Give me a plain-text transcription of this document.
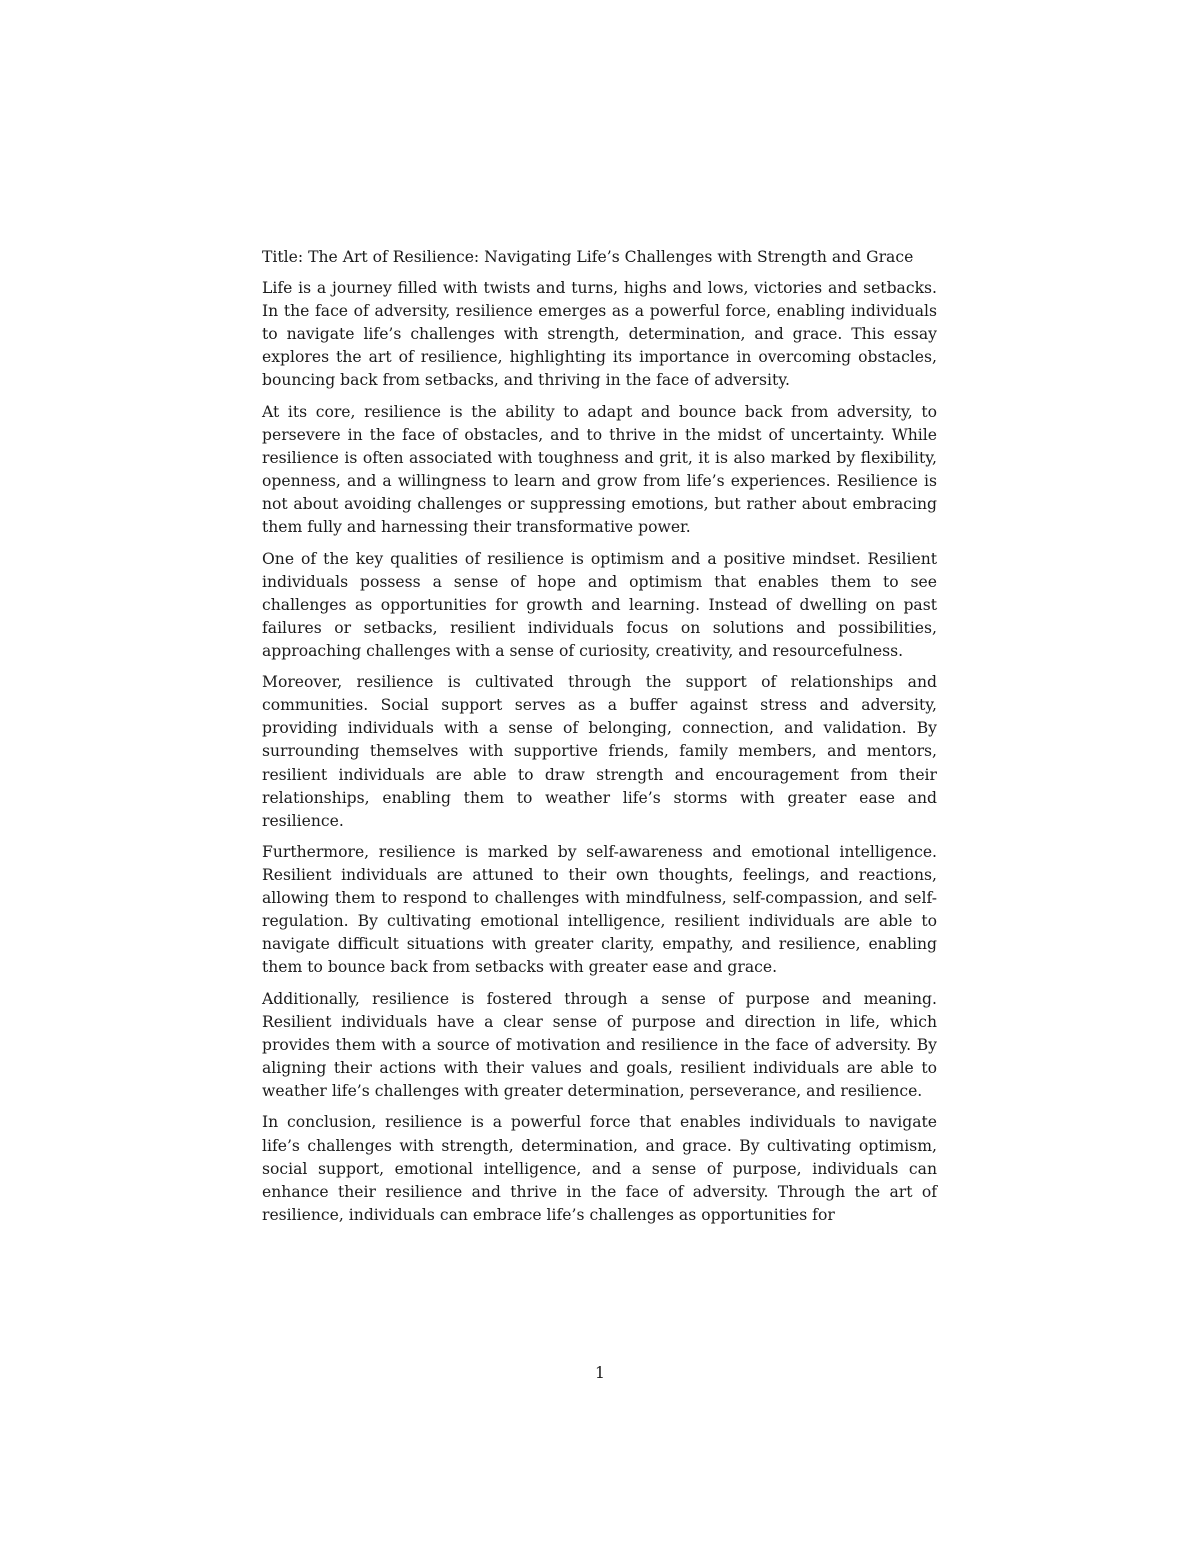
Title: The Art of Resilience: Navigating Life’s Challenges with Strength and Grace

Life is a journey filled with twists and turns, highs and lows, victories and setbacks. In the face of adversity, resilience emerges as a powerful force, enabling individuals to navigate life’s challenges with strength, determination, and grace. This essay explores the art of resilience, highlighting its importance in overcoming obstacles, bouncing back from setbacks, and thriving in the face of adversity.

At its core, resilience is the ability to adapt and bounce back from adversity, to persevere in the face of obstacles, and to thrive in the midst of uncertainty. While resilience is often associated with toughness and grit, it is also marked by flexibility, openness, and a willingness to learn and grow from life’s experiences. Resilience is not about avoiding challenges or suppressing emotions, but rather about embracing them fully and harnessing their transformative power.

One of the key qualities of resilience is optimism and a positive mindset. Resilient individuals possess a sense of hope and optimism that enables them to see challenges as opportunities for growth and learning. Instead of dwelling on past failures or setbacks, resilient individuals focus on solutions and possibilities, approaching challenges with a sense of curiosity, creativity, and resourcefulness.

Moreover, resilience is cultivated through the support of relationships and communities. Social support serves as a buffer against stress and adversity, providing individuals with a sense of belonging, connection, and validation. By surrounding themselves with supportive friends, family members, and mentors, resilient individuals are able to draw strength and encouragement from their relationships, enabling them to weather life’s storms with greater ease and resilience.

Furthermore, resilience is marked by self-awareness and emotional intelligence. Resilient individuals are attuned to their own thoughts, feelings, and reactions, allowing them to respond to challenges with mindfulness, self-compassion, and self-regulation. By cultivating emotional intelligence, resilient individuals are able to navigate difficult situations with greater clarity, empathy, and resilience, enabling them to bounce back from setbacks with greater ease and grace.

Additionally, resilience is fostered through a sense of purpose and meaning. Resilient individuals have a clear sense of purpose and direction in life, which provides them with a source of motivation and resilience in the face of adversity. By aligning their actions with their values and goals, resilient individuals are able to weather life’s challenges with greater determination, perseverance, and resilience.

In conclusion, resilience is a powerful force that enables individuals to navigate life’s challenges with strength, determination, and grace. By cultivating optimism, social support, emotional intelligence, and a sense of purpose, individuals can enhance their resilience and thrive in the face of adversity. Through the art of resilience, individuals can embrace life’s challenges as opportunities for

1
